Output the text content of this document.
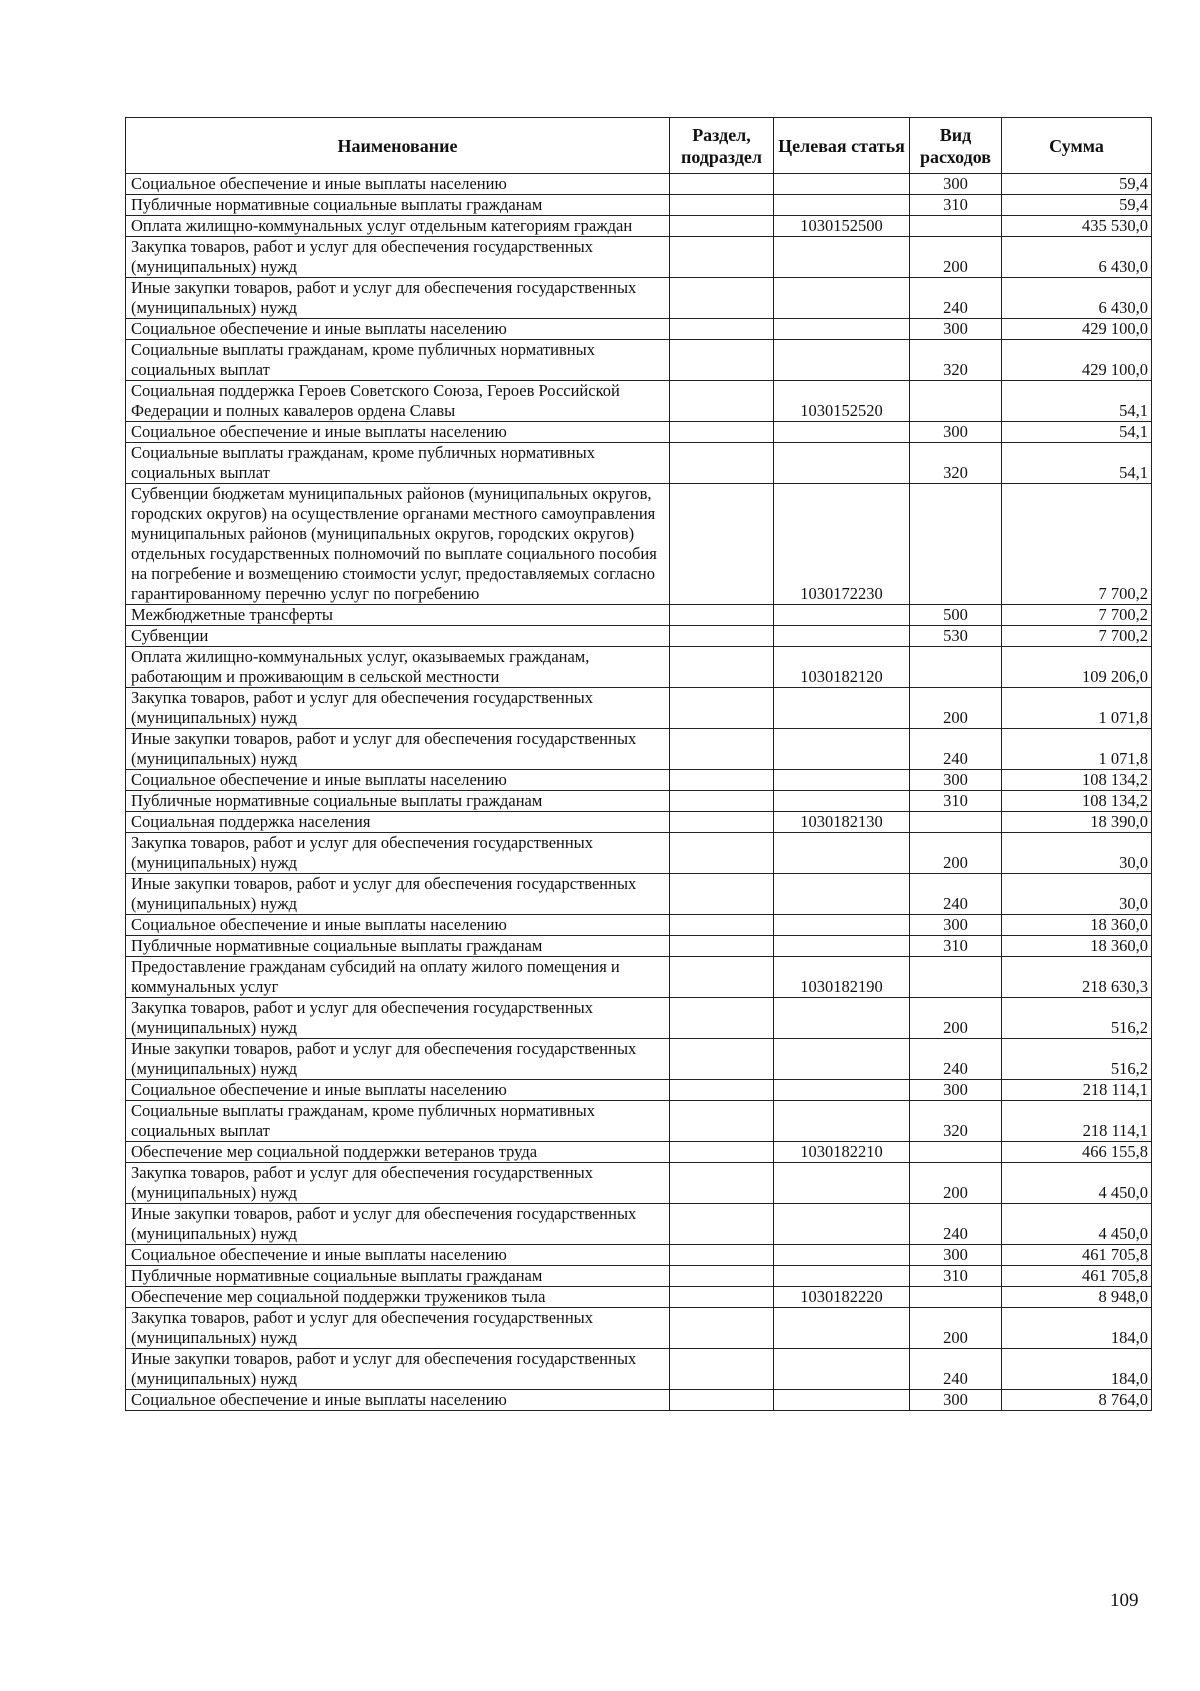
Наименование	Раздел, подраздел	Целевая статья	Вид расходов	Сумма
Социальное обеспечение и иные выплаты населению			300	59,4
Публичные нормативные социальные выплаты гражданам			310	59,4
Оплата жилищно-коммунальных услуг отдельным категориям граждан		1030152500		435 530,0
Закупка товаров, работ и услуг для обеспечения государственных (муниципальных) нужд			200	6 430,0
Иные закупки товаров, работ и услуг для обеспечения государственных (муниципальных) нужд			240	6 430,0
Социальное обеспечение и иные выплаты населению			300	429 100,0
Социальные выплаты гражданам, кроме публичных нормативных социальных выплат			320	429 100,0
Социальная поддержка Героев Советского Союза, Героев Российской Федерации и полных кавалеров ордена Славы		1030152520		54,1
Социальное обеспечение и иные выплаты населению			300	54,1
Социальные выплаты гражданам, кроме публичных нормативных социальных выплат			320	54,1
Субвенции бюджетам муниципальных районов (муниципальных округов, городских округов) на осуществление органами местного самоуправления муниципальных районов (муниципальных округов, городских округов) отдельных государственных полномочий по выплате социального пособия на погребение и возмещению стоимости услуг, предоставляемых согласно гарантированному перечню услуг по погребению		1030172230		7 700,2
Межбюджетные трансферты			500	7 700,2
Субвенции			530	7 700,2
Оплата жилищно-коммунальных услуг, оказываемых гражданам, работающим и проживающим в сельской местности		1030182120		109 206,0
Закупка товаров, работ и услуг для обеспечения государственных (муниципальных) нужд			200	1 071,8
Иные закупки товаров, работ и услуг для обеспечения государственных (муниципальных) нужд			240	1 071,8
Социальное обеспечение и иные выплаты населению			300	108 134,2
Публичные нормативные социальные выплаты гражданам			310	108 134,2
Социальная поддержка населения		1030182130		18 390,0
Закупка товаров, работ и услуг для обеспечения государственных (муниципальных) нужд			200	30,0
Иные закупки товаров, работ и услуг для обеспечения государственных (муниципальных) нужд			240	30,0
Социальное обеспечение и иные выплаты населению			300	18 360,0
Публичные нормативные социальные выплаты гражданам			310	18 360,0
Предоставление гражданам субсидий на оплату жилого помещения и коммунальных услуг		1030182190		218 630,3
Закупка товаров, работ и услуг для обеспечения государственных (муниципальных) нужд			200	516,2
Иные закупки товаров, работ и услуг для обеспечения государственных (муниципальных) нужд			240	516,2
Социальное обеспечение и иные выплаты населению			300	218 114,1
Социальные выплаты гражданам, кроме публичных нормативных социальных выплат			320	218 114,1
Обеспечение мер социальной поддержки ветеранов труда		1030182210		466 155,8
Закупка товаров, работ и услуг для обеспечения государственных (муниципальных) нужд			200	4 450,0
Иные закупки товаров, работ и услуг для обеспечения государственных (муниципальных) нужд			240	4 450,0
Социальное обеспечение и иные выплаты населению			300	461 705,8
Публичные нормативные социальные выплаты гражданам			310	461 705,8
Обеспечение мер социальной поддержки тружеников тыла		1030182220		8 948,0
Закупка товаров, работ и услуг для обеспечения государственных (муниципальных) нужд			200	184,0
Иные закупки товаров, работ и услуг для обеспечения государственных (муниципальных) нужд			240	184,0
Социальное обеспечение и иные выплаты населению			300	8 764,0
109
